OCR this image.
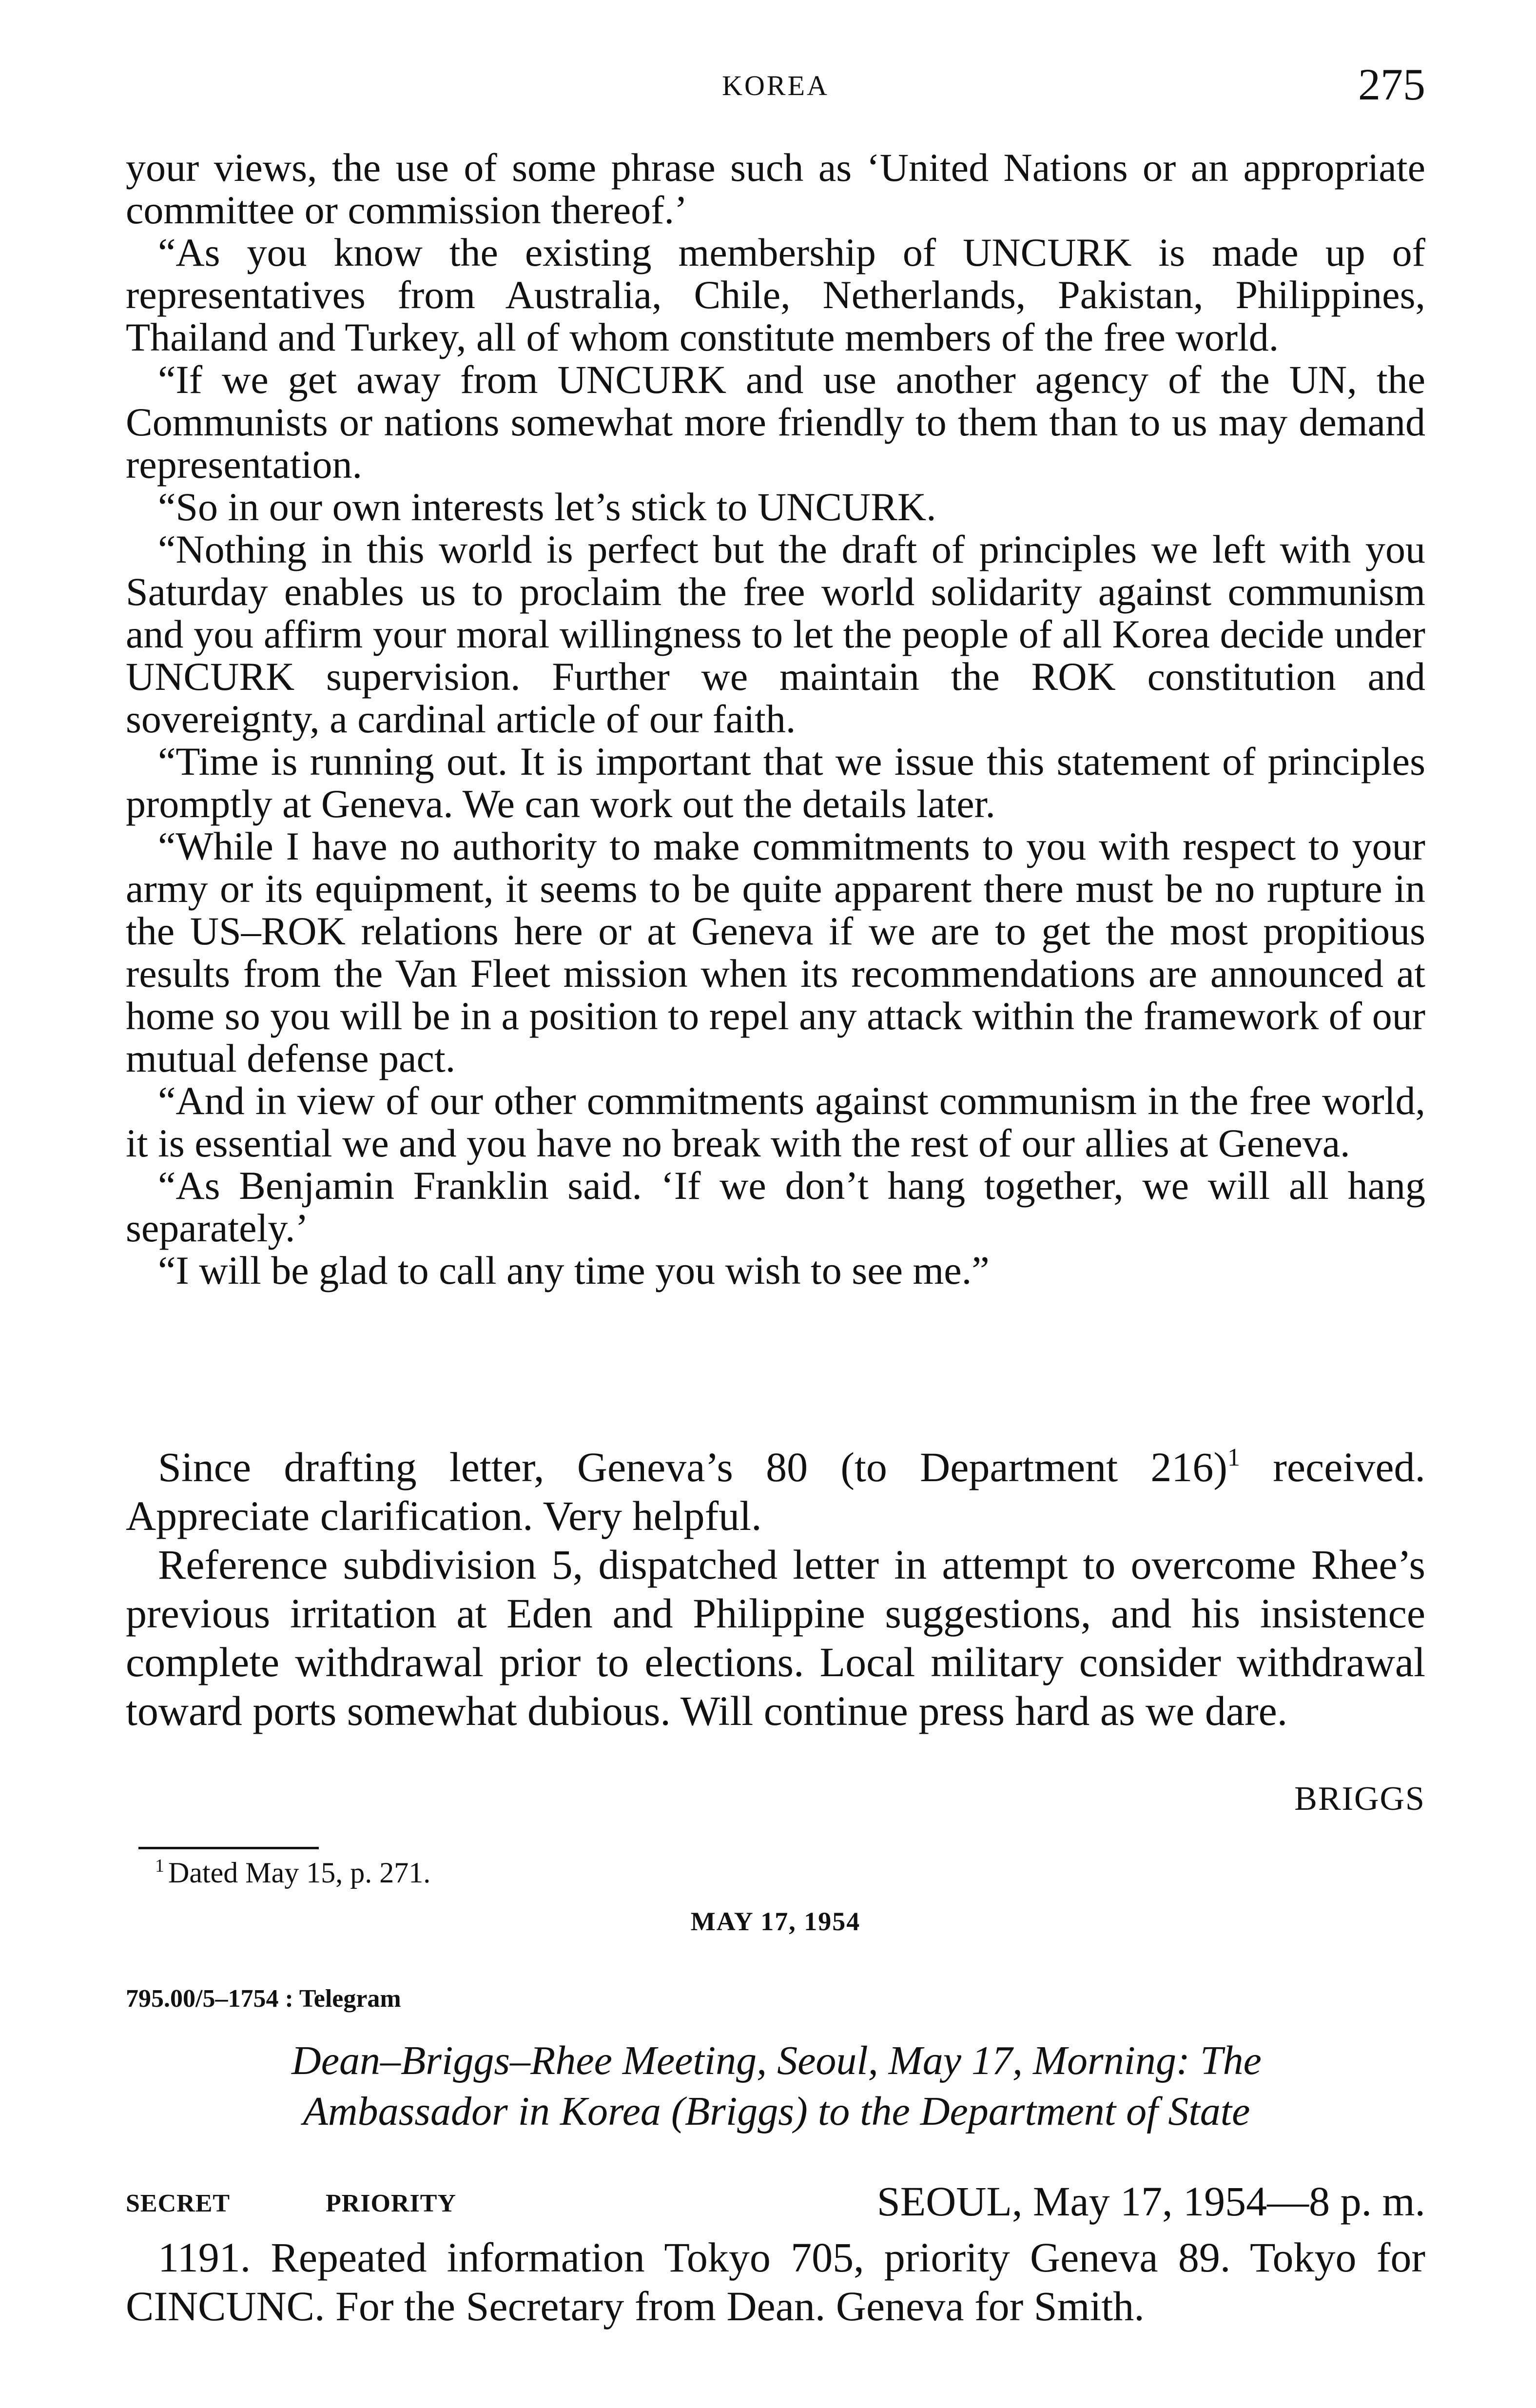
KOREA	275

your views, the use of some phrase such as ‘United Nations or an appropriate committee or commission thereof.’

“As you know the existing membership of UNCURK is made up of representatives from Australia, Chile, Netherlands, Pakistan, Philippines, Thailand and Turkey, all of whom constitute members of the free world.

“If we get away from UNCURK and use another agency of the UN, the Communists or nations somewhat more friendly to them than to us may demand representation.

“So in our own interests let’s stick to UNCURK.

“Nothing in this world is perfect but the draft of principles we left with you Saturday enables us to proclaim the free world solidarity against communism and you affirm your moral willingness to let the people of all Korea decide under UNCURK supervision. Further we maintain the ROK constitution and sovereignty, a cardinal article of our faith.

“Time is running out. It is important that we issue this statement of principles promptly at Geneva. We can work out the details later.

“While I have no authority to make commitments to you with respect to your army or its equipment, it seems to be quite apparent there must be no rupture in the US–ROK relations here or at Geneva if we are to get the most propitious results from the Van Fleet mission when its recommendations are announced at home so you will be in a position to repel any attack within the framework of our mutual defense pact.

“And in view of our other commitments against communism in the free world, it is essential we and you have no break with the rest of our allies at Geneva.

“As Benjamin Franklin said. ‘If we don’t hang together, we will all hang separately.’

“I will be glad to call any time you wish to see me.”

Since drafting letter, Geneva’s 80 (to Department 216)$^1$ received. Appreciate clarification. Very helpful.

Reference subdivision 5, dispatched letter in attempt to overcome Rhee’s previous irritation at Eden and Philippine suggestions, and his insistence complete withdrawal prior to elections. Local military consider withdrawal toward ports somewhat dubious. Will continue press hard as we dare.

BRIGGS
$^1$ Dated May 15, p. 271.
MAY 17, 1954
795.00/5–1754 : Telegram
Dean–Briggs–Rhee Meeting, Seoul, May 17, Morning: The
Ambassador in Korea (Briggs) to the Department of State
SECRET	PRIORITY	SEOUL, May 17, 1954—8 p. m.

1191. Repeated information Tokyo 705, priority Geneva 89. Tokyo for CINCUNC. For the Secretary from Dean. Geneva for Smith.
